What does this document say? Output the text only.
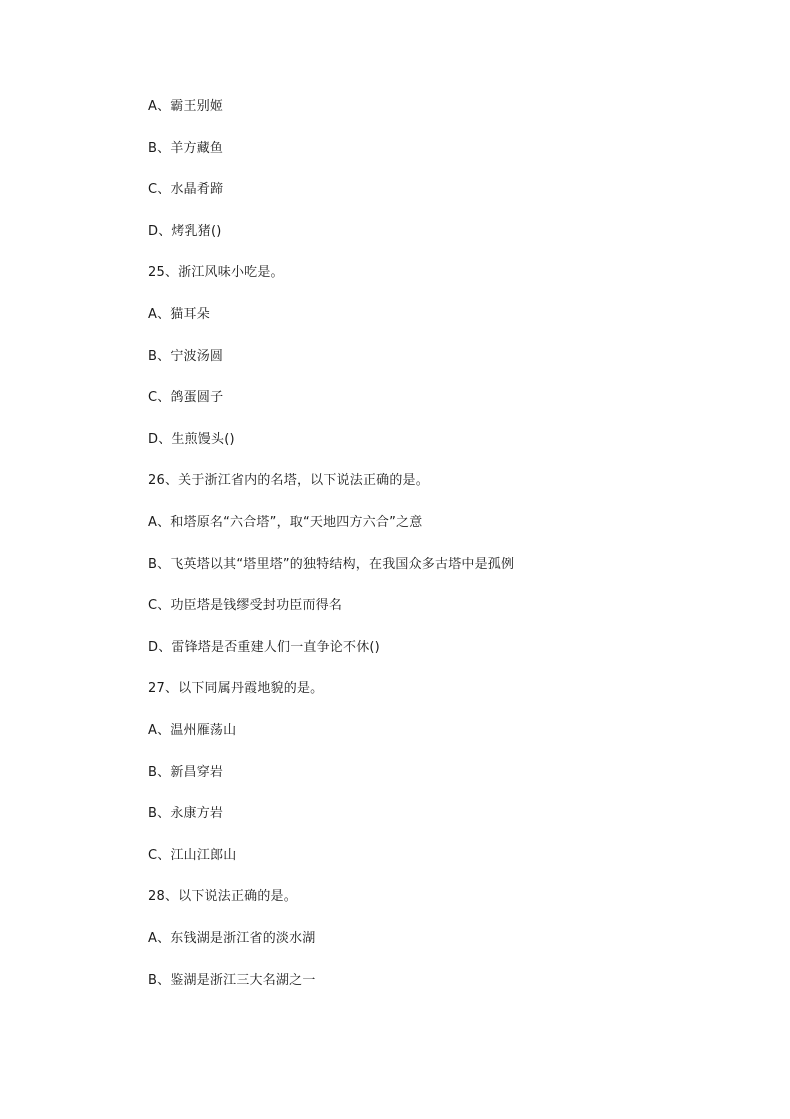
A、霸王别姬
B、羊方藏鱼
C、水晶肴蹄
D、烤乳猪()
25、浙江风味小吃是。
A、猫耳朵
B、宁波汤圆
C、鸽蛋圆子
D、生煎馒头()
26、关于浙江省内的名塔，以下说法正确的是。
A、和塔原名“六合塔”，取“天地四方六合”之意
B、飞英塔以其“塔里塔”的独特结构，在我国众多古塔中是孤例
C、功臣塔是钱缪受封功臣而得名
D、雷锋塔是否重建人们一直争论不休()
27、以下同属丹霞地貌的是。
A、温州雁荡山
B、新昌穿岩
B、永康方岩
C、江山江郎山
28、以下说法正确的是。
A、东钱湖是浙江省的淡水湖
B、鉴湖是浙江三大名湖之一
